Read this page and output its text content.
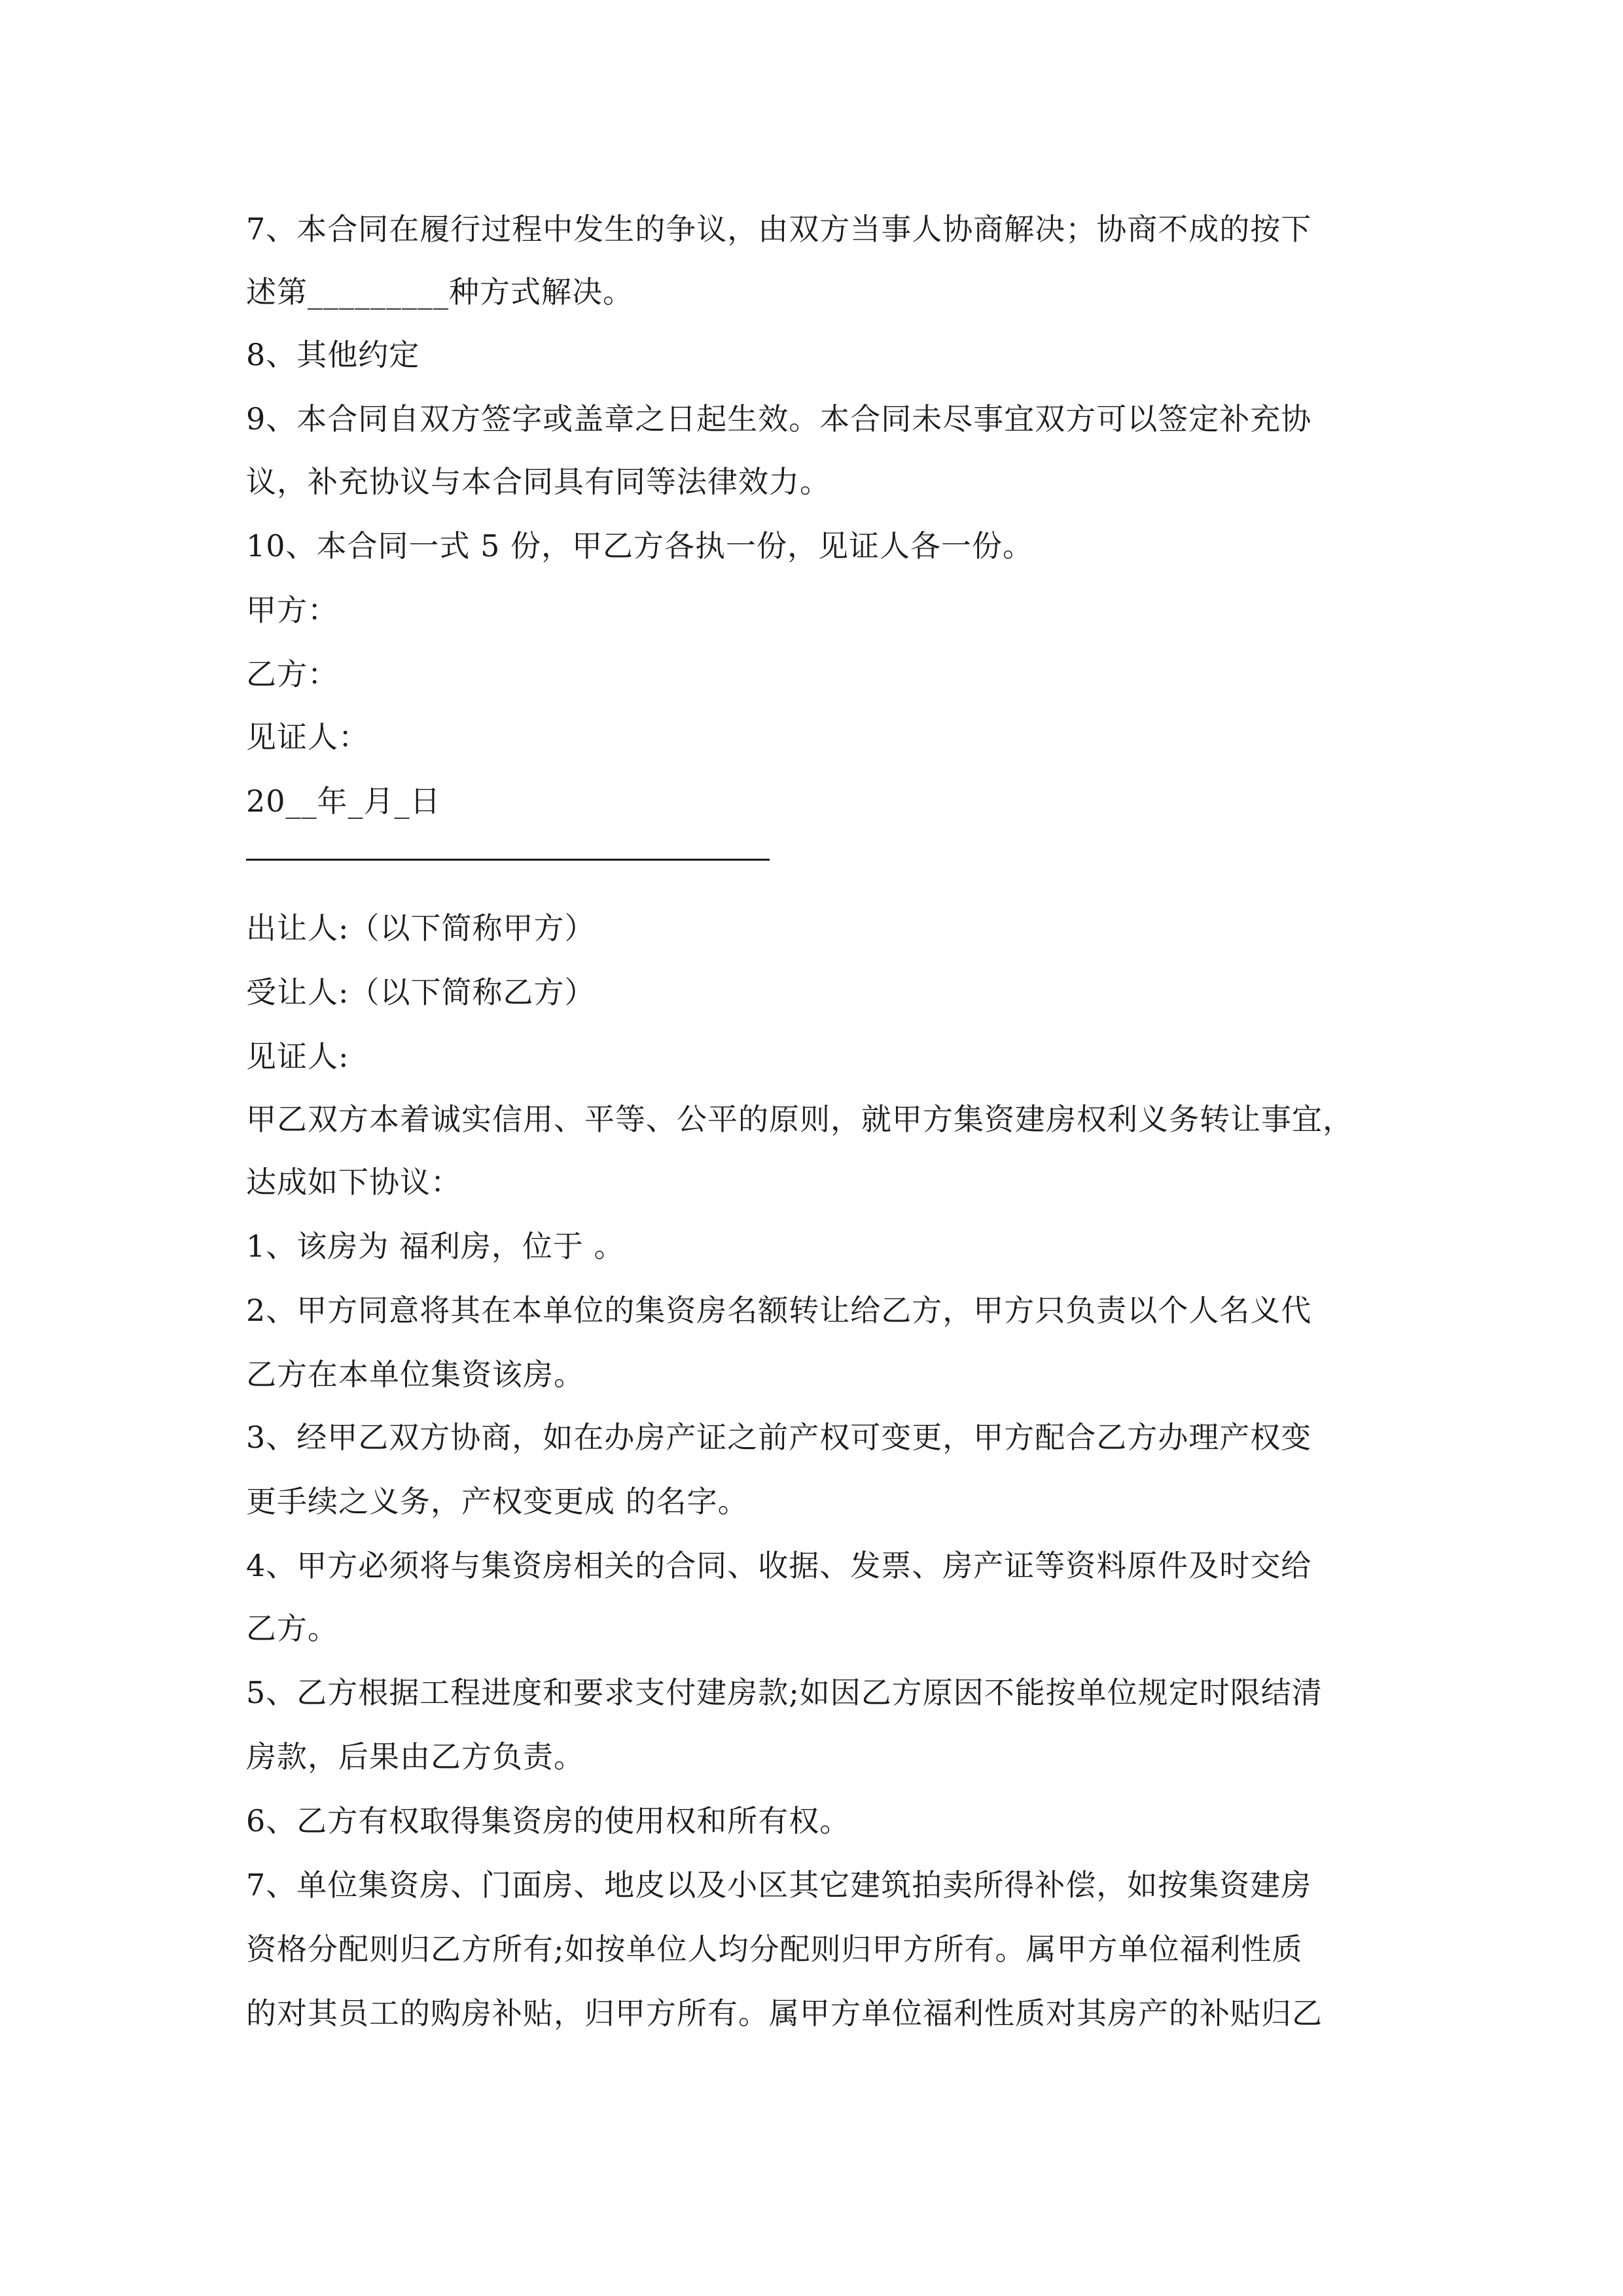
7、本合同在履行过程中发生的争议，由双方当事人协商解决；协商不成的按下
述第_________种方式解决。
8、其他约定
9、本合同自双方签字或盖章之日起生效。本合同未尽事宜双方可以签定补充协
议，补充协议与本合同具有同等法律效力。
10、本合同一式 5 份，甲乙方各执一份，见证人各一份。
甲方：
乙方：
见证人：
20__年_月_日
出让人:（以下简称甲方）
受让人:（以下简称乙方）
见证人:
甲乙双方本着诚实信用、平等、公平的原则，就甲方集资建房权利义务转让事宜，
达成如下协议：
1、该房为 福利房，位于 。
2、甲方同意将其在本单位的集资房名额转让给乙方，甲方只负责以个人名义代
乙方在本单位集资该房。
3、经甲乙双方协商，如在办房产证之前产权可变更，甲方配合乙方办理产权变
更手续之义务，产权变更成 的名字。
4、甲方必须将与集资房相关的合同、收据、发票、房产证等资料原件及时交给
乙方。
5、乙方根据工程进度和要求支付建房款;如因乙方原因不能按单位规定时限结清
房款，后果由乙方负责。
6、乙方有权取得集资房的使用权和所有权。
7、单位集资房、门面房、地皮以及小区其它建筑拍卖所得补偿，如按集资建房
资格分配则归乙方所有;如按单位人均分配则归甲方所有。属甲方单位福利性质
的对其员工的购房补贴，归甲方所有。属甲方单位福利性质对其房产的补贴归乙
